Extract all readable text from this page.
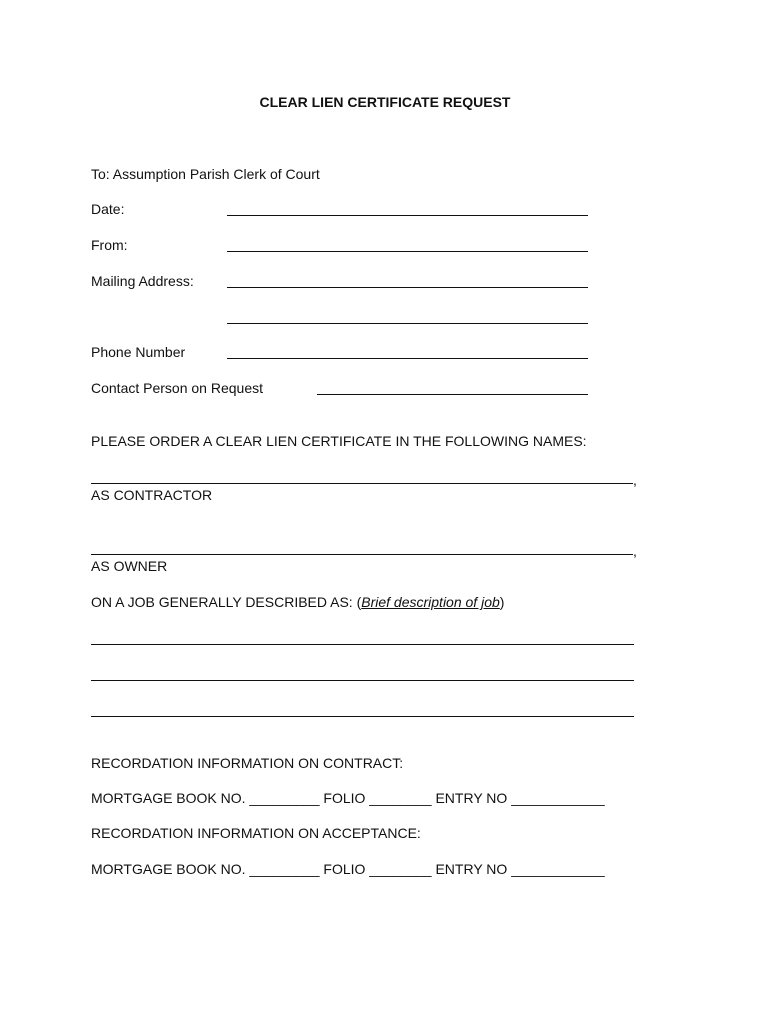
CLEAR LIEN CERTIFICATE REQUEST
To: Assumption Parish Clerk of Court
Date:
From:
Mailing Address:
Phone Number
Contact Person on Request
PLEASE ORDER A CLEAR LIEN CERTIFICATE IN THE FOLLOWING NAMES:
,
AS CONTRACTOR
,
AS OWNER
ON A JOB GENERALLY DESCRIBED AS: (Brief description of job)
RECORDATION INFORMATION ON CONTRACT:
MORTGAGE BOOK NO. _________ FOLIO ________ ENTRY NO ____________
RECORDATION INFORMATION ON ACCEPTANCE:
MORTGAGE BOOK NO. _________ FOLIO ________ ENTRY NO ____________
